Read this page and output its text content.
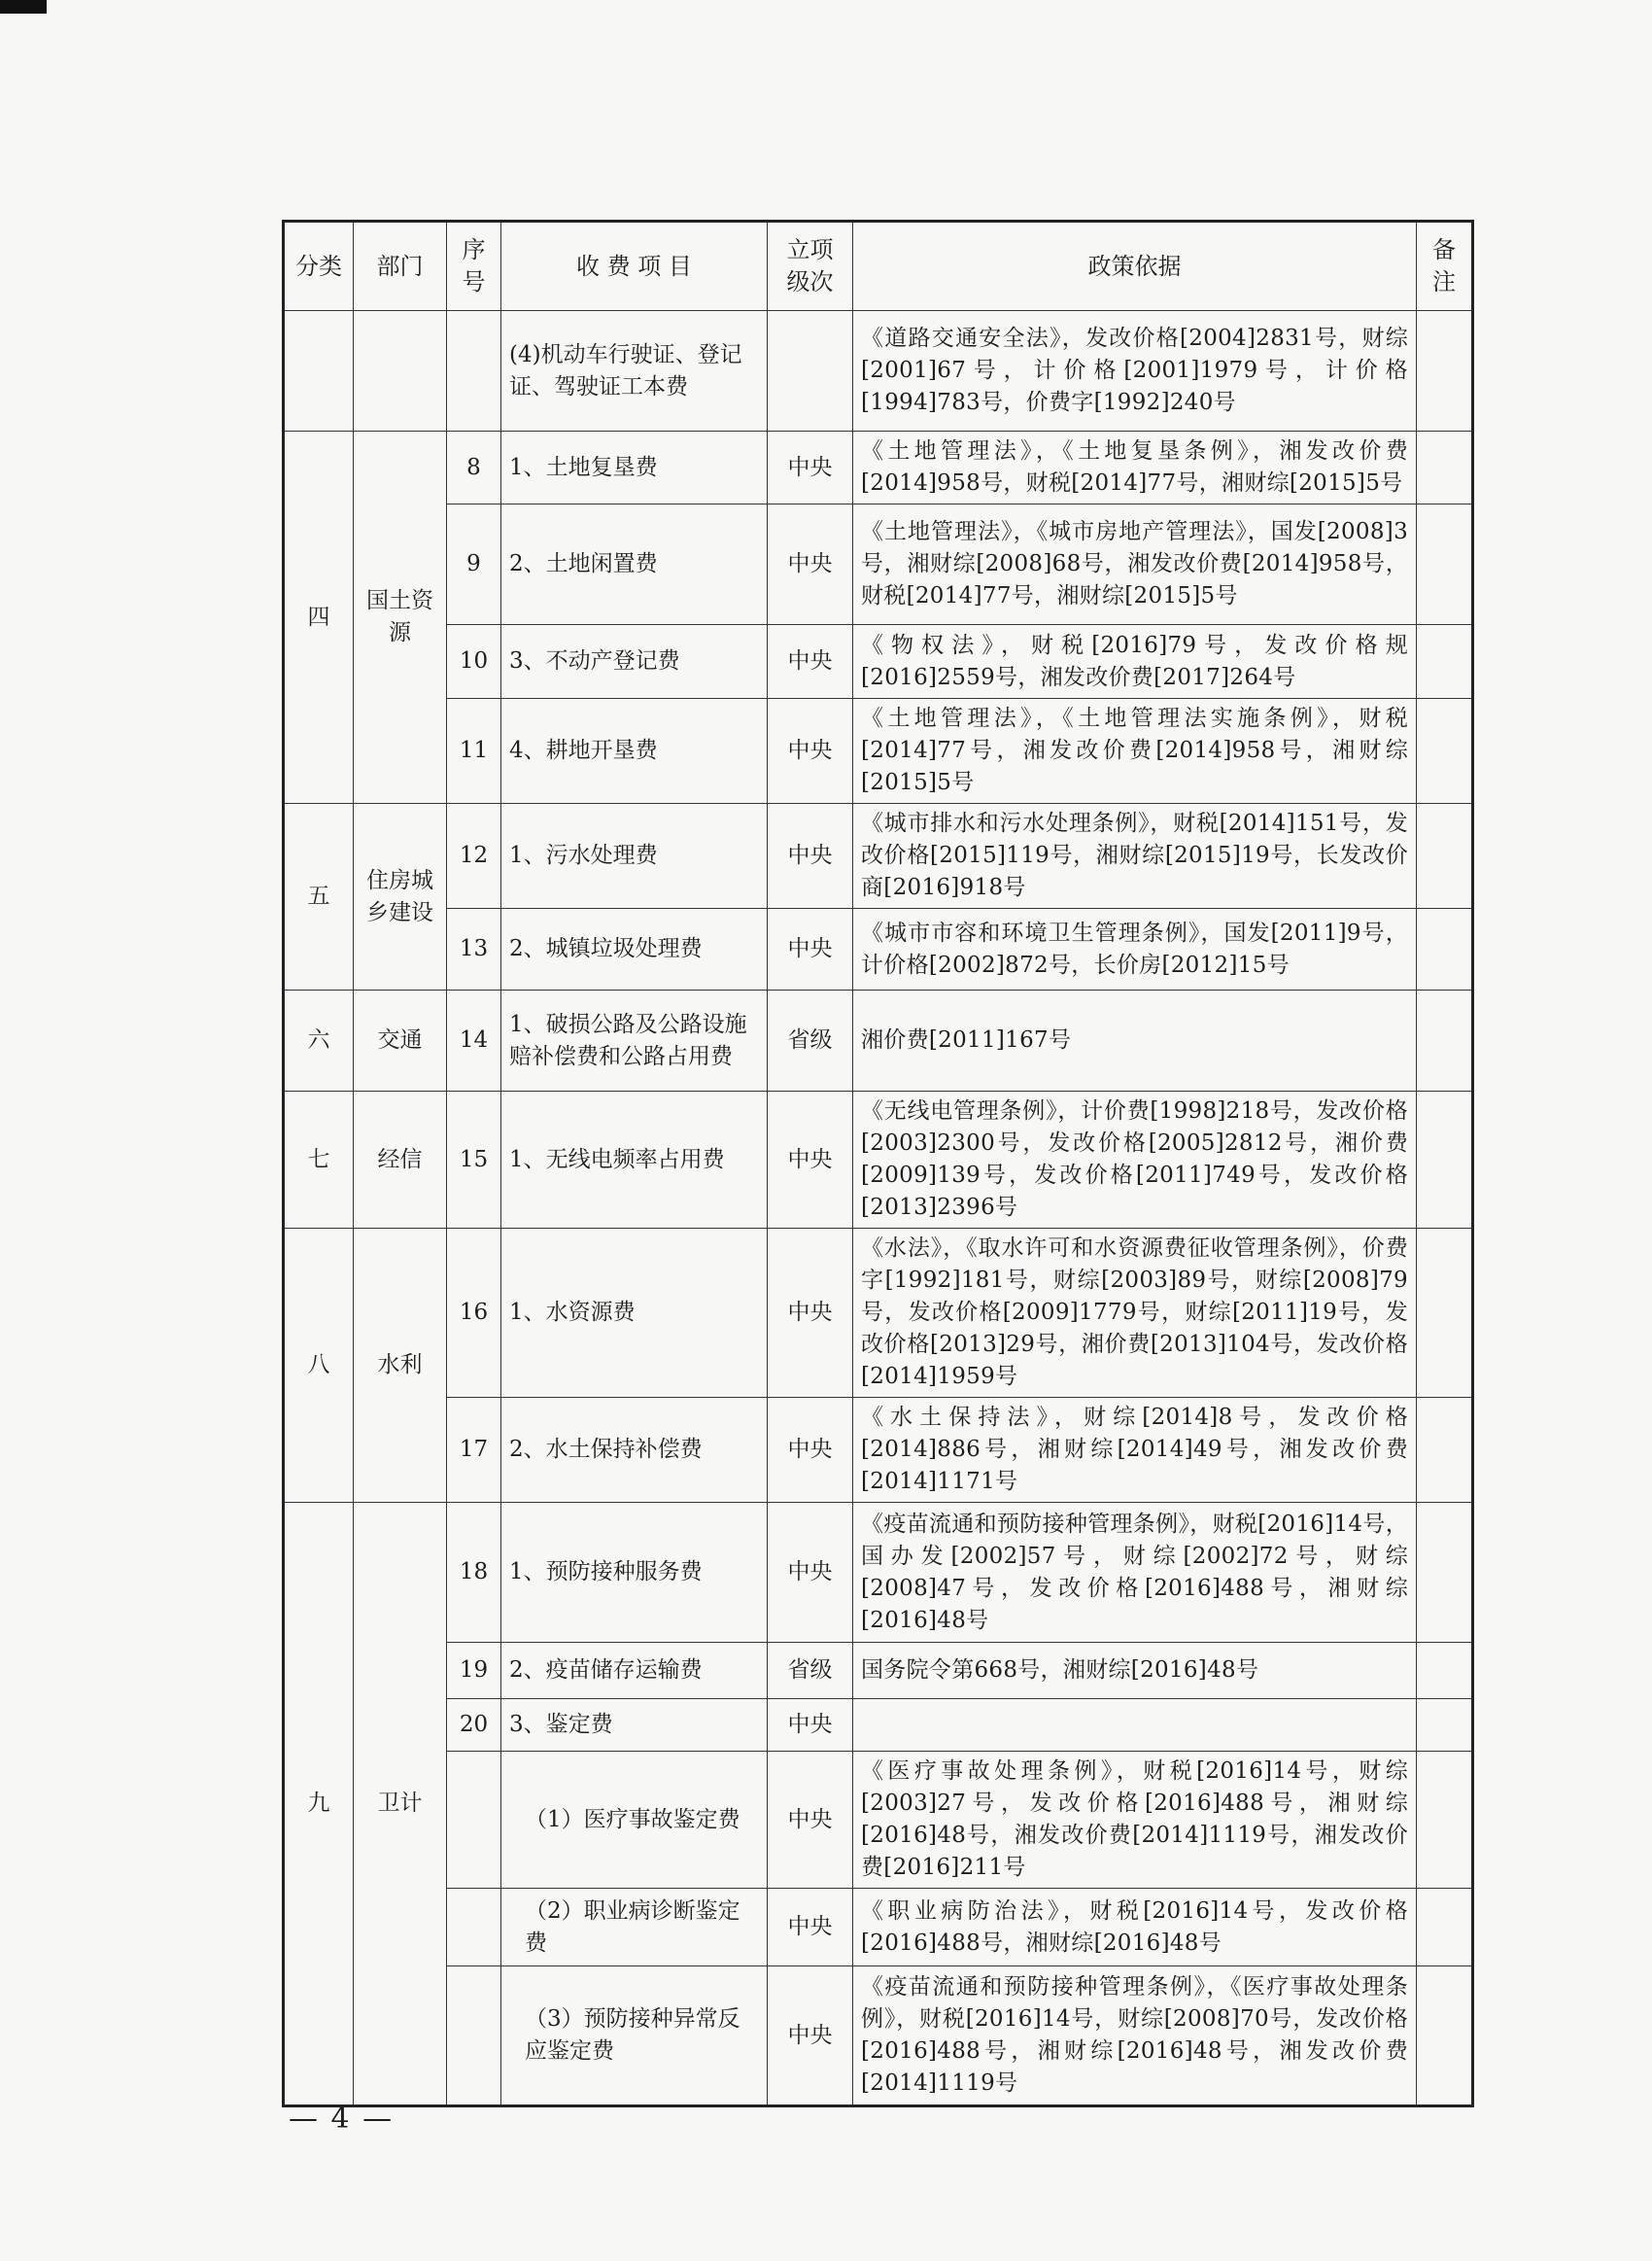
分类	部门	序号	收 费 项 目	立项级次	政策依据	备注
			(4)机动车行驶证、登记证、驾驶证工本费		《道路交通安全法》，发改价格[2004]2831号，财综[2001]67号，计价格[2001]1979号，计价格[1994]783号，价费字[1992]240号	
四	国土资源	8	1、土地复垦费	中央	《土地管理法》，《土地复垦条例》，湘发改价费[2014]958号，财税[2014]77号，湘财综[2015]5号	
		9	2、土地闲置费	中央	《土地管理法》，《城市房地产管理法》，国发[2008]3号，湘财综[2008]68号，湘发改价费[2014]958号，财税[2014]77号，湘财综[2015]5号	
		10	3、不动产登记费	中央	《物权法》，财税[2016]79号，发改价格规[2016]2559号，湘发改价费[2017]264号	
		11	4、耕地开垦费	中央	《土地管理法》，《土地管理法实施条例》，财税[2014]77号，湘发改价费[2014]958号，湘财综[2015]5号	
五	住房城乡建设	12	1、污水处理费	中央	《城市排水和污水处理条例》，财税[2014]151号，发改价格[2015]119号，湘财综[2015]19号，长发改价商[2016]918号	
		13	2、城镇垃圾处理费	中央	《城市市容和环境卫生管理条例》，国发[2011]9号，计价格[2002]872号，长价房[2012]15号	
六	交通	14	1、破损公路及公路设施赔补偿费和公路占用费	省级	湘价费[2011]167号	
七	经信	15	1、无线电频率占用费	中央	《无线电管理条例》，计价费[1998]218号，发改价格[2003]2300号，发改价格[2005]2812号，湘价费[2009]139号，发改价格[2011]749号，发改价格[2013]2396号	
八	水利	16	1、水资源费	中央	《水法》，《取水许可和水资源费征收管理条例》，价费字[1992]181号，财综[2003]89号，财综[2008]79号，发改价格[2009]1779号，财综[2011]19号，发改价格[2013]29号，湘价费[2013]104号，发改价格[2014]1959号	
		17	2、水土保持补偿费	中央	《水土保持法》，财综[2014]8号，发改价格[2014]886号，湘财综[2014]49号，湘发改价费[2014]1171号	
九	卫计	18	1、预防接种服务费	中央	《疫苗流通和预防接种管理条例》，财税[2016]14号，国办发[2002]57号，财综[2002]72号，财综[2008]47号，发改价格[2016]488号，湘财综[2016]48号	
		19	2、疫苗储存运输费	省级	国务院令第668号，湘财综[2016]48号	
		20	3、鉴定费	中央		
			（1）医疗事故鉴定费	中央	《医疗事故处理条例》，财税[2016]14号，财综[2003]27号，发改价格[2016]488号，湘财综[2016]48号，湘发改价费[2014]1119号，湘发改价费[2016]211号	
			（2）职业病诊断鉴定费	中央	《职业病防治法》，财税[2016]14号，发改价格[2016]488号，湘财综[2016]48号	
			（3）预防接种异常反应鉴定费	中央	《疫苗流通和预防接种管理条例》，《医疗事故处理条例》，财税[2016]14号，财综[2008]70号，发改价格[2016]488号，湘财综[2016]48号，湘发改价费[2014]1119号	
— 4 —
